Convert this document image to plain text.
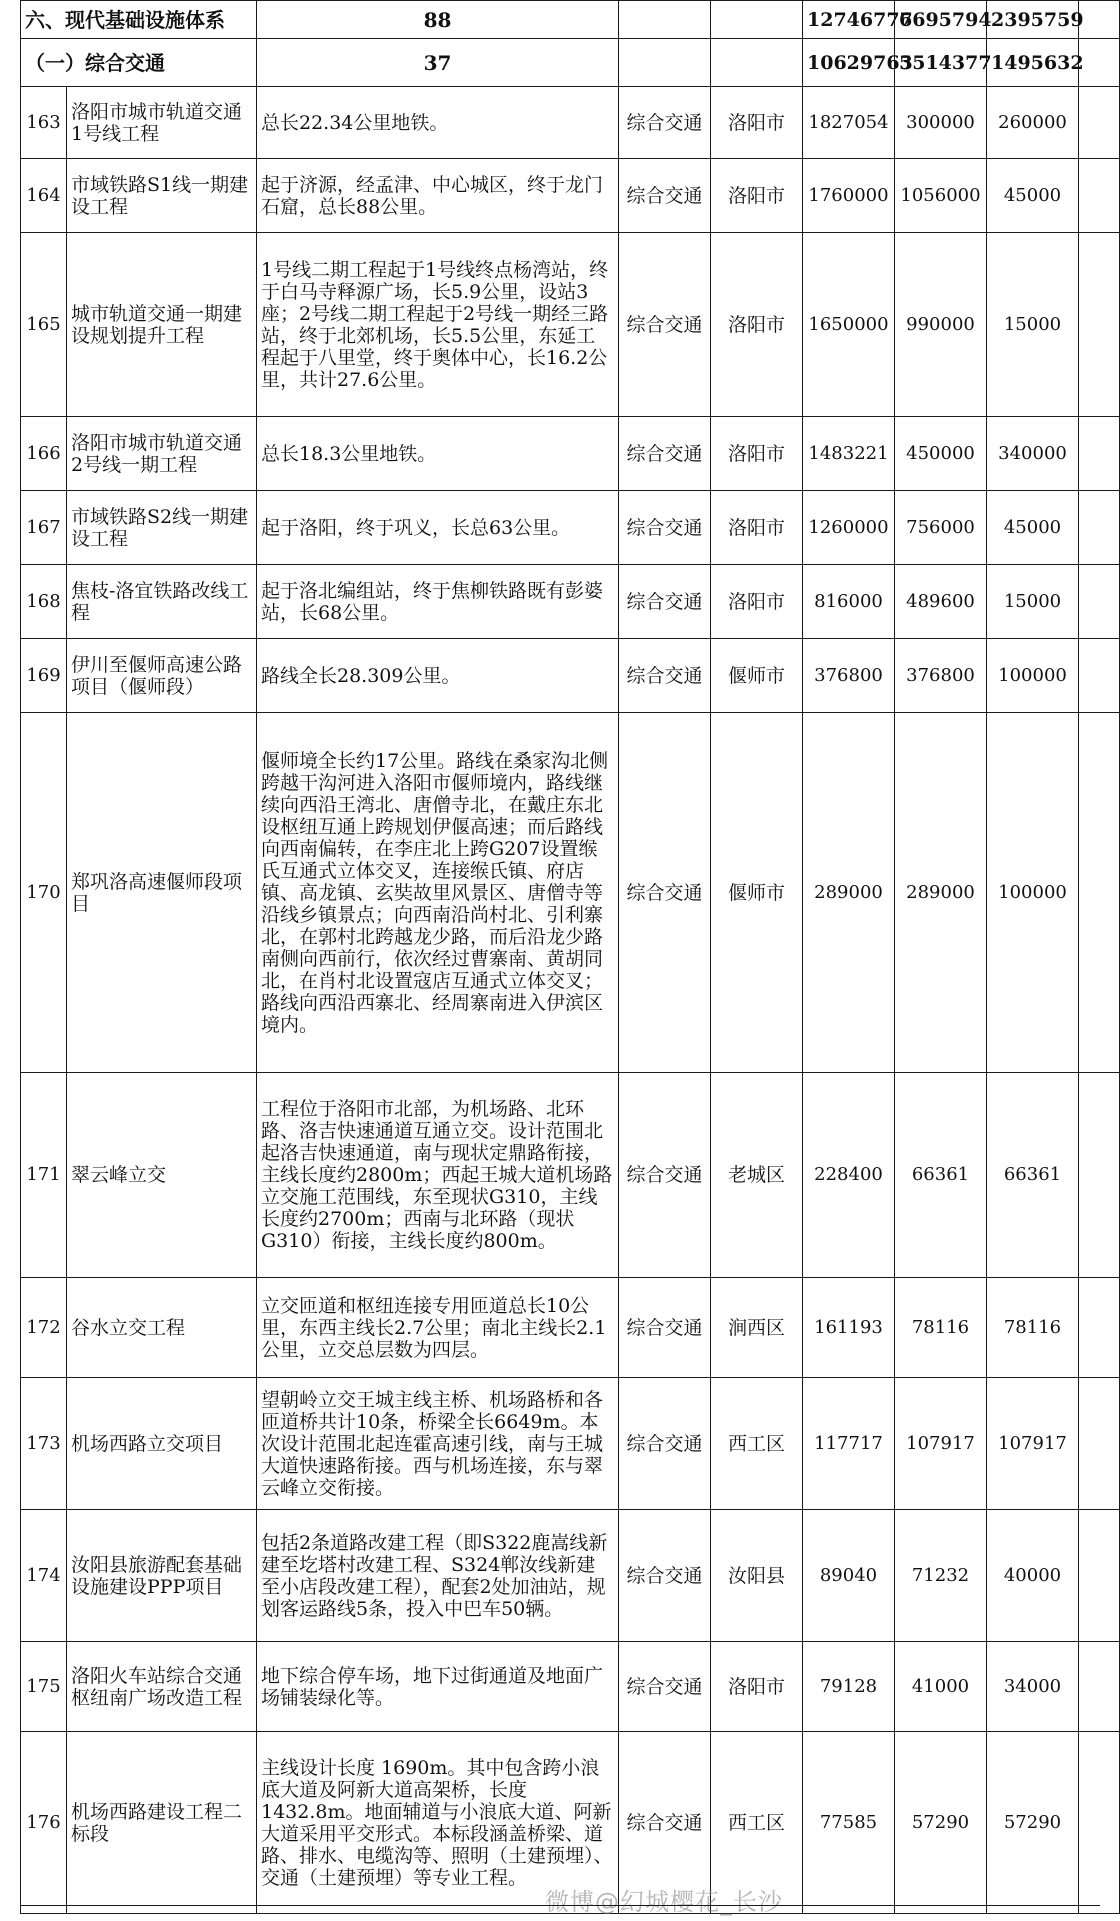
六、现代基础设施体系		88			12746777	6695794	2395759	
（一）综合交通		37			10629763	5514377	1495632	
163	洛阳市城市轨道交通1号线工程	总长22.34公里地铁。	综合交通	洛阳市	1827054	300000	260000	
164	市域铁路S1线一期建设工程	起于济源，经孟津、中心城区，终于龙门石窟，总长88公里。	综合交通	洛阳市	1760000	1056000	45000	
165	城市轨道交通一期建设规划提升工程	1号线二期工程起于1号线终点杨湾站，终于白马寺释源广场，长5.9公里，设站3座；2号线二期工程起于2号线一期经三路站，终于北郊机场，长5.5公里，东延工程起于八里堂，终于奥体中心，长16.2公里，共计27.6公里。	综合交通	洛阳市	1650000	990000	15000	
166	洛阳市城市轨道交通2号线一期工程	总长18.3公里地铁。	综合交通	洛阳市	1483221	450000	340000	
167	市域铁路S2线一期建设工程	起于洛阳，终于巩义，长总63公里。	综合交通	洛阳市	1260000	756000	45000	
168	焦枝-洛宜铁路改线工程	起于洛北编组站，终于焦柳铁路既有彭婆站，长68公里。	综合交通	洛阳市	816000	489600	15000	
169	伊川至偃师高速公路项目（偃师段）	路线全长28.309公里。	综合交通	偃师市	376800	376800	100000	
170	郑巩洛高速偃师段项目	偃师境全长约17公里。路线在桑家沟北侧跨越干沟河进入洛阳市偃师境内，路线继续向西沿王湾北、唐僧寺北，在戴庄东北设枢纽互通上跨规划伊偃高速；而后路线向西南偏转，在李庄北上跨G207设置缑氏互通式立体交叉，连接缑氏镇、府店镇、高龙镇、玄奘故里风景区、唐僧寺等沿线乡镇景点；向西南沿尚村北、引利寨北，在郭村北跨越龙少路，而后沿龙少路南侧向西前行，依次经过曹寨南、黄胡同北，在肖村北设置寇店互通式立体交叉；路线向西沿西寨北、经周寨南进入伊滨区境内。	综合交通	偃师市	289000	289000	100000	
171	翠云峰立交	工程位于洛阳市北部，为机场路、北环路、洛吉快速通道互通立交。设计范围北起洛吉快速通道，南与现状定鼎路衔接，主线长度约2800m；西起王城大道机场路立交施工范围线，东至现状G310，主线长度约2700m；西南与北环路（现状G310）衔接，主线长度约800m。	综合交通	老城区	228400	66361	66361	
172	谷水立交工程	立交匝道和枢纽连接专用匝道总长10公里，东西主线长2.7公里；南北主线长2.1公里，立交总层数为四层。	综合交通	涧西区	161193	78116	78116	
173	机场西路立交项目	望朝岭立交王城主线主桥、机场路桥和各匝道桥共计10条，桥梁全长6649m。本次设计范围北起连霍高速引线，南与王城大道快速路衔接。西与机场连接，东与翠云峰立交衔接。	综合交通	西工区	117717	107917	107917	
174	汝阳县旅游配套基础设施建设PPP项目	包括2条道路改建工程（即S322鹿嵩线新建至圪塔村改建工程、S324郸汝线新建至小店段改建工程），配套2处加油站，规划客运路线5条，投入中巴车50辆。	综合交通	汝阳县	89040	71232	40000	
175	洛阳火车站综合交通枢纽南广场改造工程	地下综合停车场，地下过街通道及地面广场铺装绿化等。	综合交通	洛阳市	79128	41000	34000	
176	机场西路建设工程二标段	主线设计长度 1690m。其中包含跨小浪底大道及阿新大道高架桥，长度1432.8m。地面辅道与小浪底大道、阿新大道采用平交形式。本标段涵盖桥梁、道路、排水、电缆沟等、照明（土建预埋）、交通（土建预埋）等专业工程。	综合交通	西工区	77585	57290	57290	
微博@幻城樱花_长沙
